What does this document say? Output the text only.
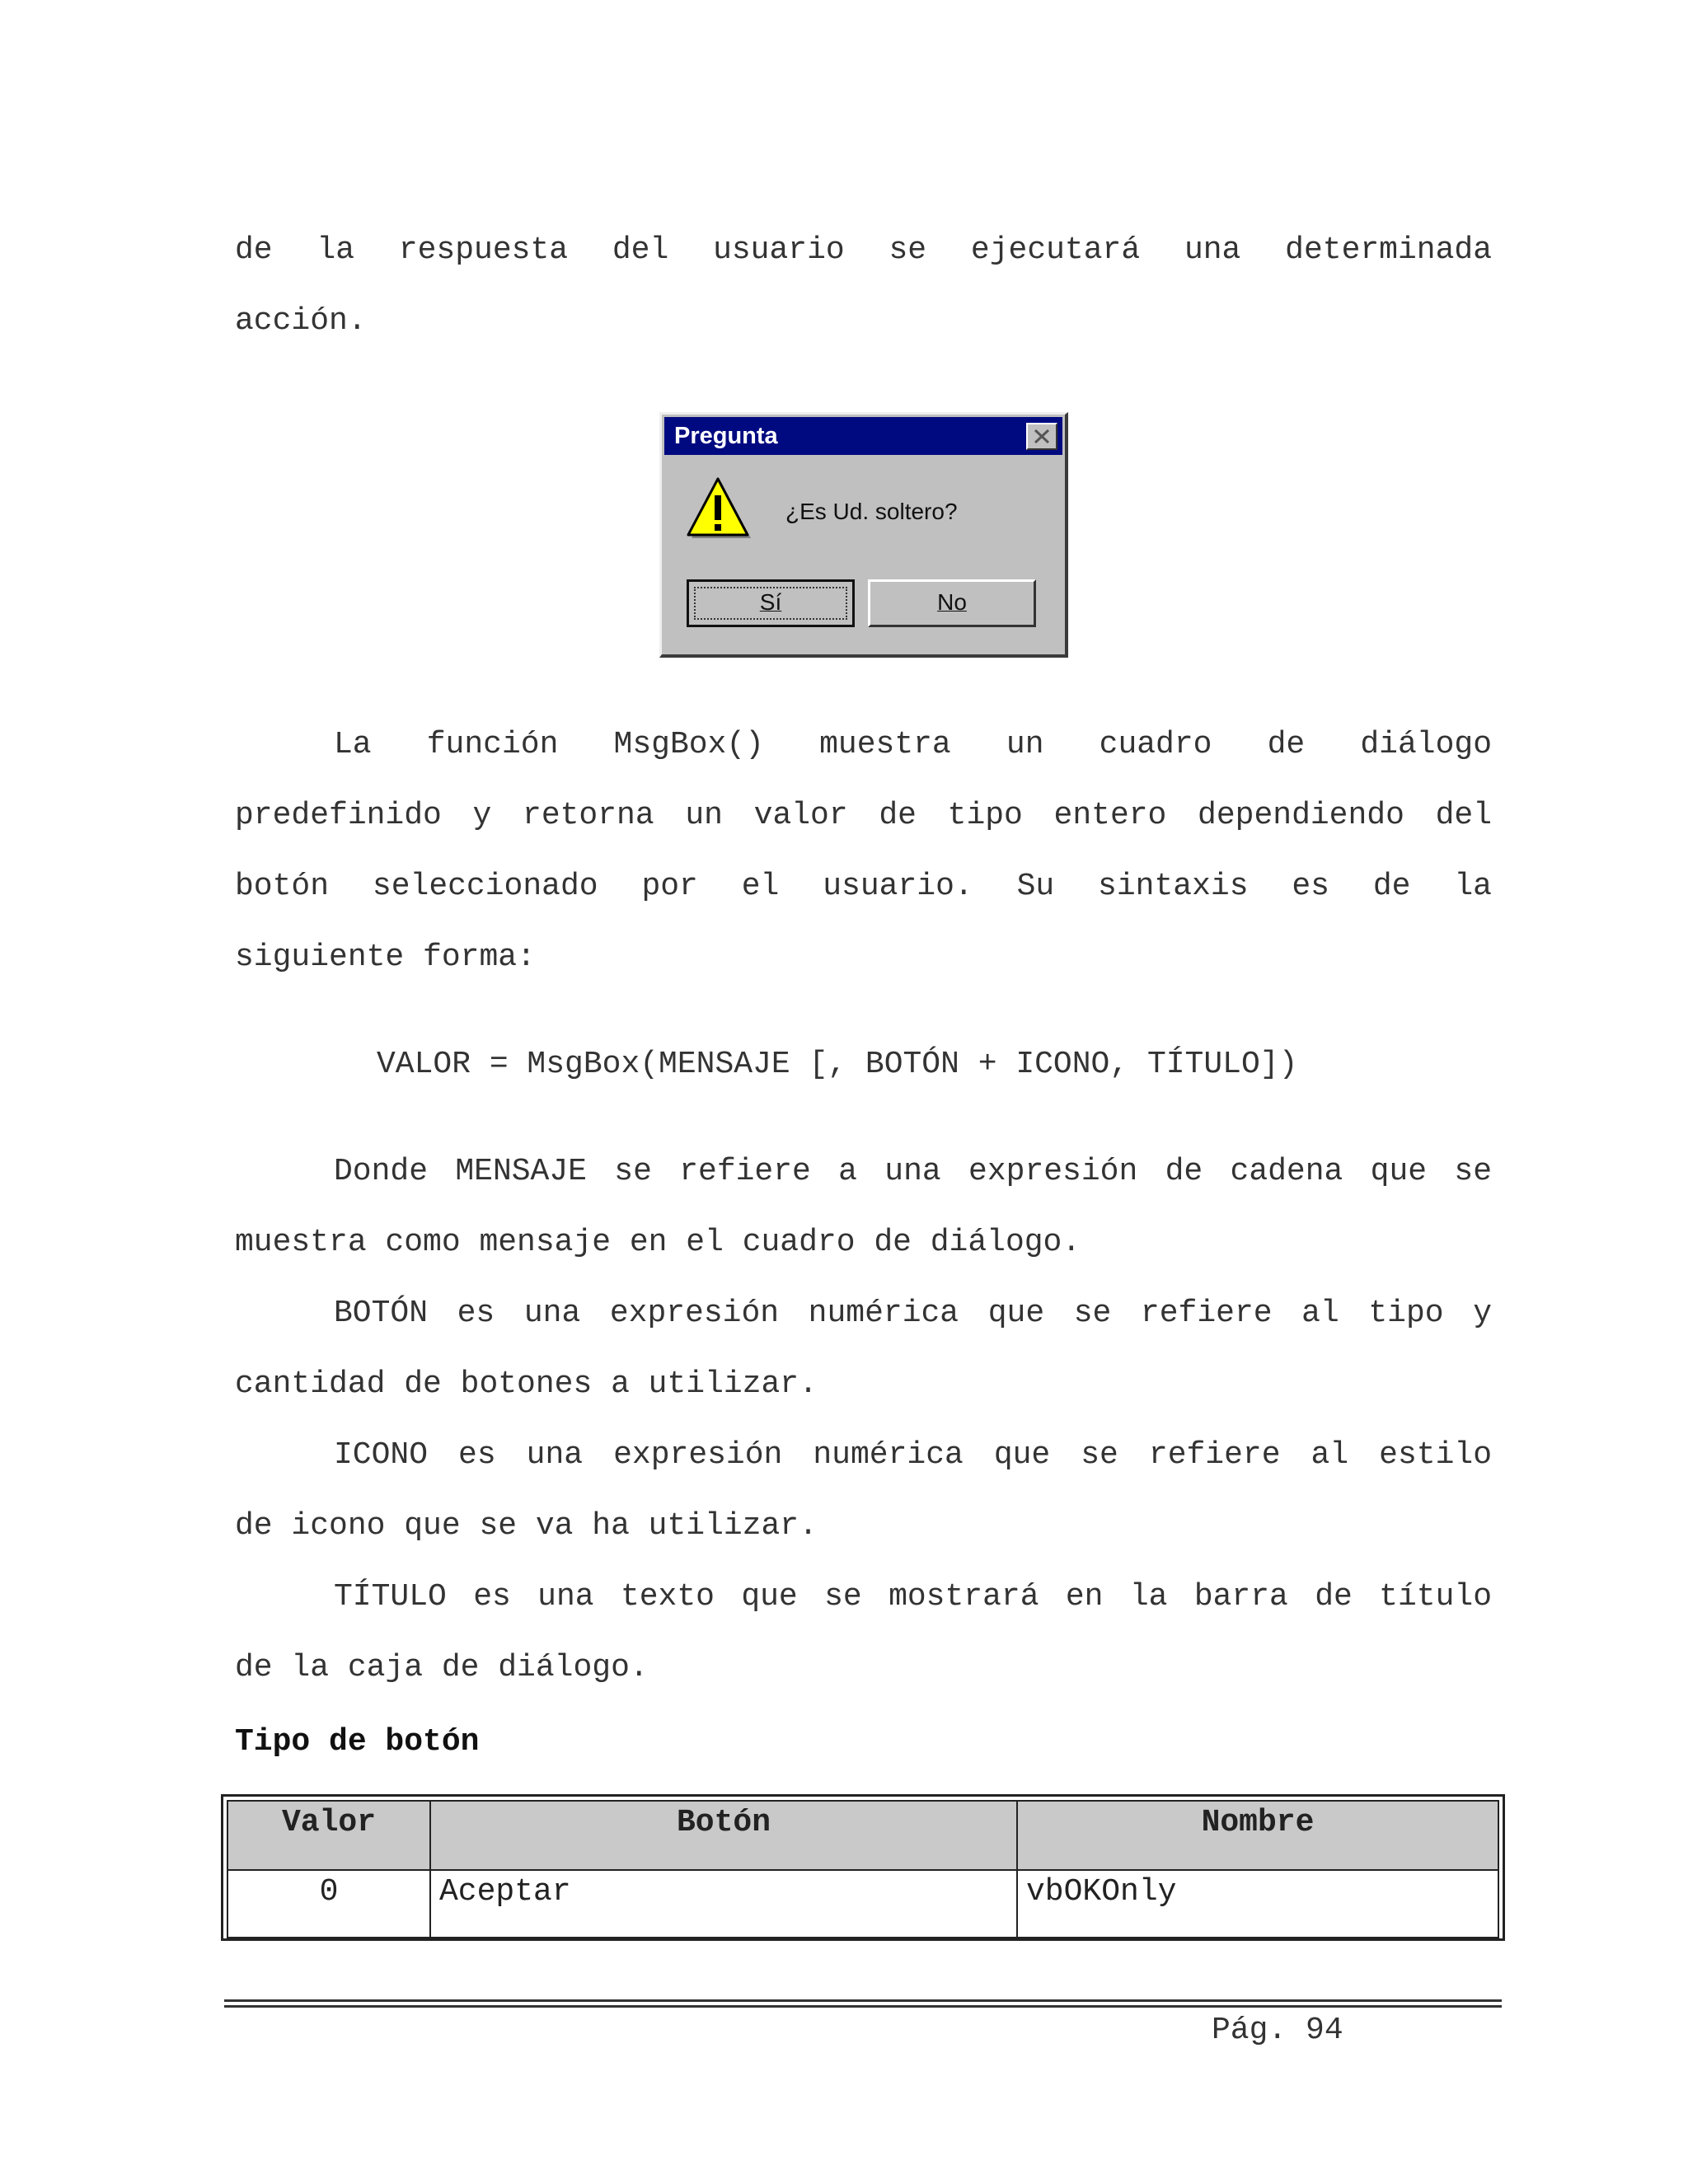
de la respuesta del usuario se ejecutará una determinada
acción.
Pregunta
¿Es Ud. soltero?
Sí	No
La función MsgBox() muestra un cuadro de diálogo
predefinido y retorna un valor de tipo entero dependiendo del
botón seleccionado por el usuario. Su sintaxis es de la
siguiente forma:
VALOR = MsgBox(MENSAJE [, BOTÓN + ICONO, TÍTULO])
Donde MENSAJE se refiere a una expresión de cadena que se
muestra como mensaje en el cuadro de diálogo.
BOTÓN es una expresión numérica que se refiere al tipo y
cantidad de botones a utilizar.
ICONO es una expresión numérica que se refiere al estilo
de icono que se va ha utilizar.
TÍTULO es una texto que se mostrará en la barra de título
de la caja de diálogo.
Tipo de botón
Valor	Botón	Nombre
0	Aceptar	vbOKOnly
Pág. 94
